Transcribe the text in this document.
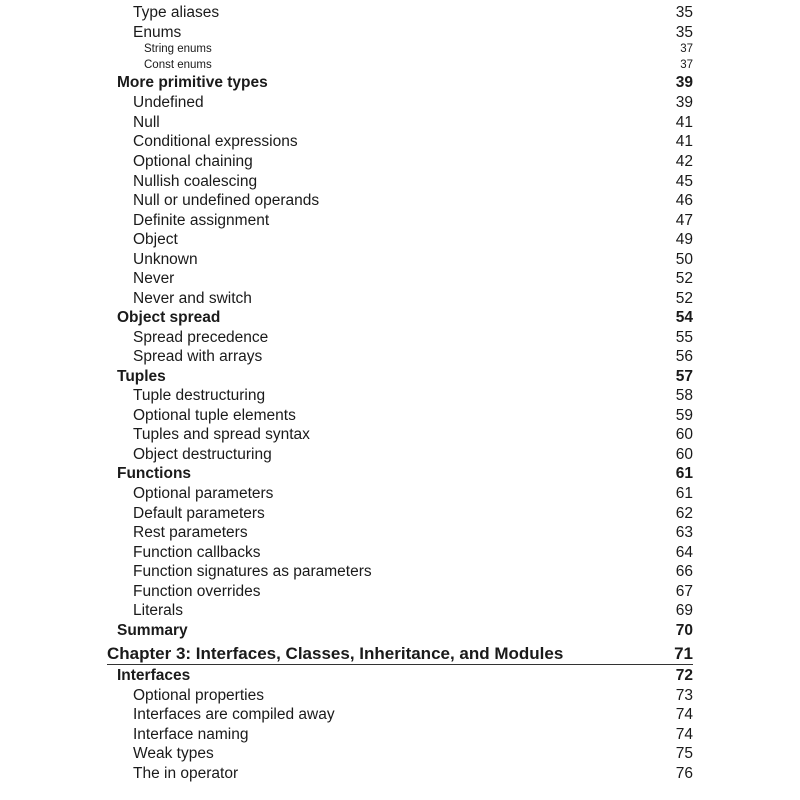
Type aliases	35
Enums	35
String enums	37
Const enums	37
More primitive types	39
Undefined	39
Null	41
Conditional expressions	41
Optional chaining	42
Nullish coalescing	45
Null or undefined operands	46
Definite assignment	47
Object	49
Unknown	50
Never	52
Never and switch	52
Object spread	54
Spread precedence	55
Spread with arrays	56
Tuples	57
Tuple destructuring	58
Optional tuple elements	59
Tuples and spread syntax	60
Object destructuring	60
Functions	61
Optional parameters	61
Default parameters	62
Rest parameters	63
Function callbacks	64
Function signatures as parameters	66
Function overrides	67
Literals	69
Summary	70
Chapter 3: Interfaces, Classes, Inheritance, and Modules	71
Interfaces	72
Optional properties	73
Interfaces are compiled away	74
Interface naming	74
Weak types	75
The in operator	76
